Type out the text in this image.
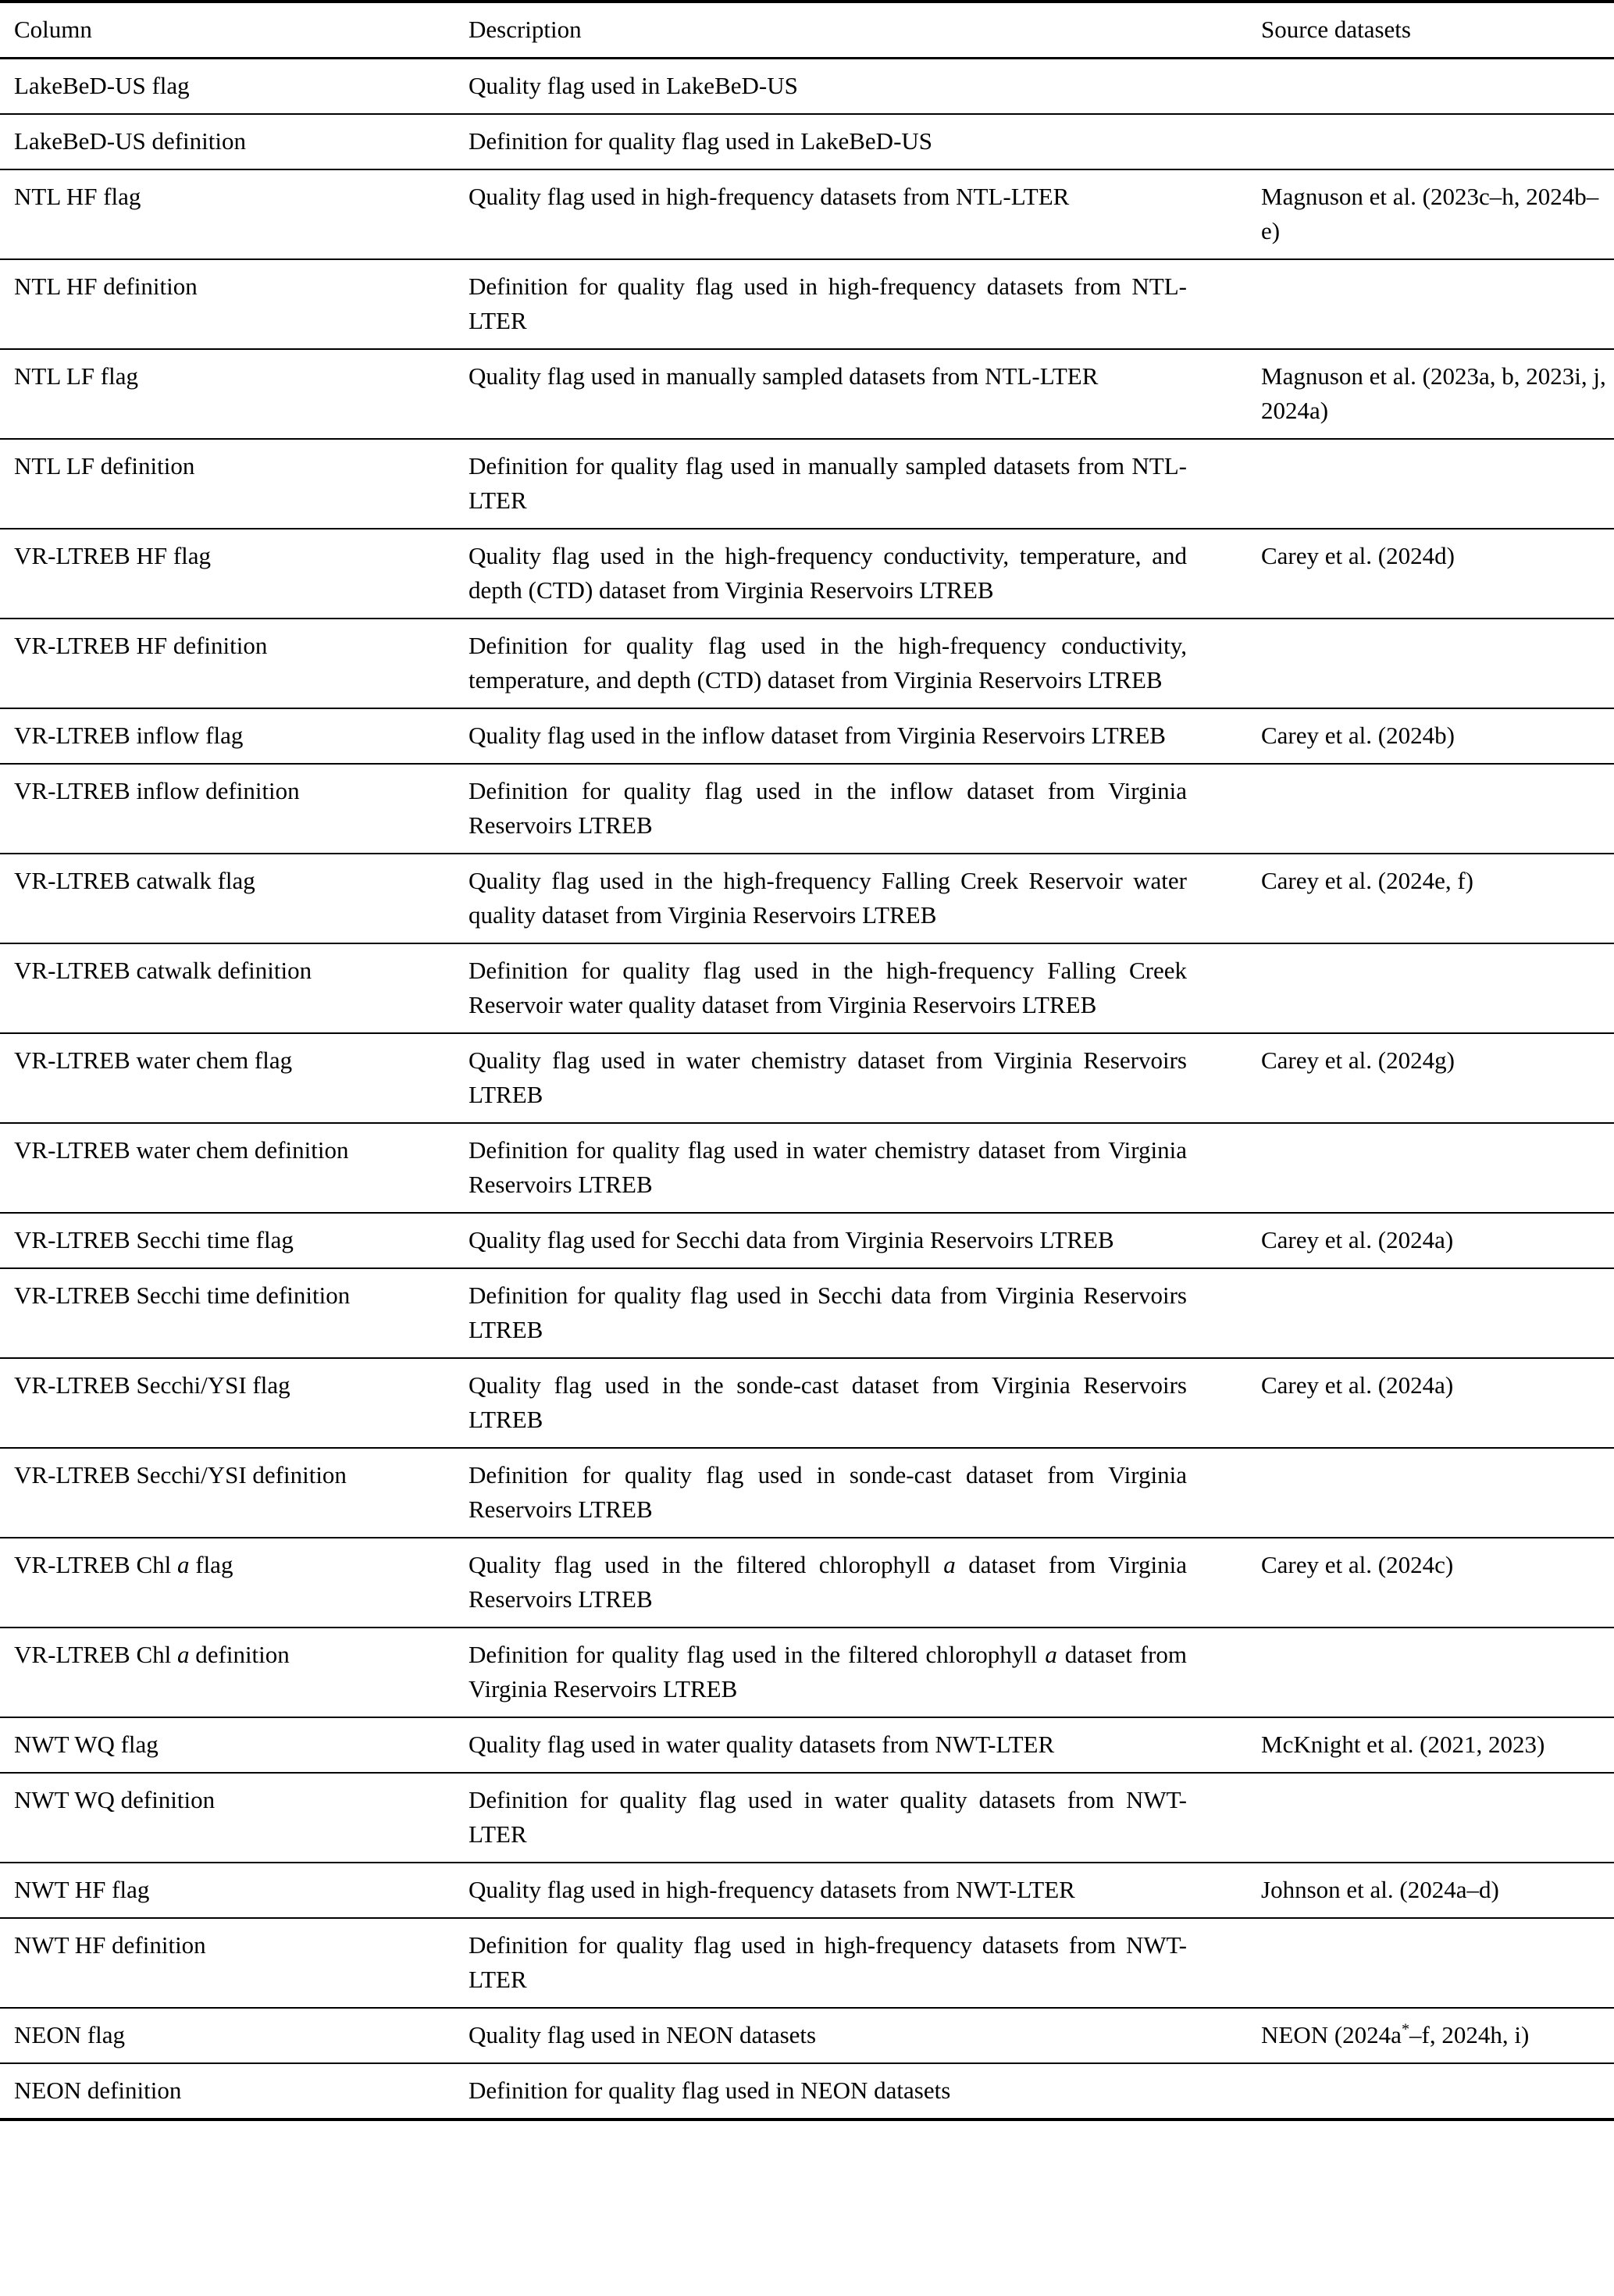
Column	Description	Source datasets
LakeBeD-US flag	Quality flag used in LakeBeD-US	
LakeBeD-US definition	Definition for quality flag used in LakeBeD-US	
NTL HF flag	Quality flag used in high-frequency datasets from NTL-LTER	Magnuson et al. (2023c–h, 2024b–e)
NTL HF definition	Definition for quality flag used in high-frequency datasets from NTL-LTER	
NTL LF flag	Quality flag used in manually sampled datasets from NTL-LTER	Magnuson et al. (2023a, b, 2023i, j, 2024a)
NTL LF definition	Definition for quality flag used in manually sampled datasets from NTL-LTER	
VR-LTREB HF flag	Quality flag used in the high-frequency conductivity, temperature, and depth (CTD) dataset from Virginia Reservoirs LTREB	Carey et al. (2024d)
VR-LTREB HF definition	Definition for quality flag used in the high-frequency conductivity, temperature, and depth (CTD) dataset from Virginia Reservoirs LTREB	
VR-LTREB inflow flag	Quality flag used in the inflow dataset from Virginia Reservoirs LTREB	Carey et al. (2024b)
VR-LTREB inflow definition	Definition for quality flag used in the inflow dataset from Virginia Reservoirs LTREB	
VR-LTREB catwalk flag	Quality flag used in the high-frequency Falling Creek Reservoir water quality dataset from Virginia Reservoirs LTREB	Carey et al. (2024e, f)
VR-LTREB catwalk definition	Definition for quality flag used in the high-frequency Falling Creek Reservoir water quality dataset from Virginia Reservoirs LTREB	
VR-LTREB water chem flag	Quality flag used in water chemistry dataset from Virginia Reservoirs LTREB	Carey et al. (2024g)
VR-LTREB water chem definition	Definition for quality flag used in water chemistry dataset from Virginia Reservoirs LTREB	
VR-LTREB Secchi time flag	Quality flag used for Secchi data from Virginia Reservoirs LTREB	Carey et al. (2024a)
VR-LTREB Secchi time definition	Definition for quality flag used in Secchi data from Virginia Reservoirs LTREB	
VR-LTREB Secchi/YSI flag	Quality flag used in the sonde-cast dataset from Virginia Reservoirs LTREB	Carey et al. (2024a)
VR-LTREB Secchi/YSI definition	Definition for quality flag used in sonde-cast dataset from Virginia Reservoirs LTREB	
VR-LTREB Chl a flag	Quality flag used in the filtered chlorophyll a dataset from Virginia Reservoirs LTREB	Carey et al. (2024c)
VR-LTREB Chl a definition	Definition for quality flag used in the filtered chlorophyll a dataset from Virginia Reservoirs LTREB	
NWT WQ flag	Quality flag used in water quality datasets from NWT-LTER	McKnight et al. (2021, 2023)
NWT WQ definition	Definition for quality flag used in water quality datasets from NWT-LTER	
NWT HF flag	Quality flag used in high-frequency datasets from NWT-LTER	Johnson et al. (2024a–d)
NWT HF definition	Definition for quality flag used in high-frequency datasets from NWT-LTER	
NEON flag	Quality flag used in NEON datasets	NEON (2024a*–f, 2024h, i)
NEON definition	Definition for quality flag used in NEON datasets	
